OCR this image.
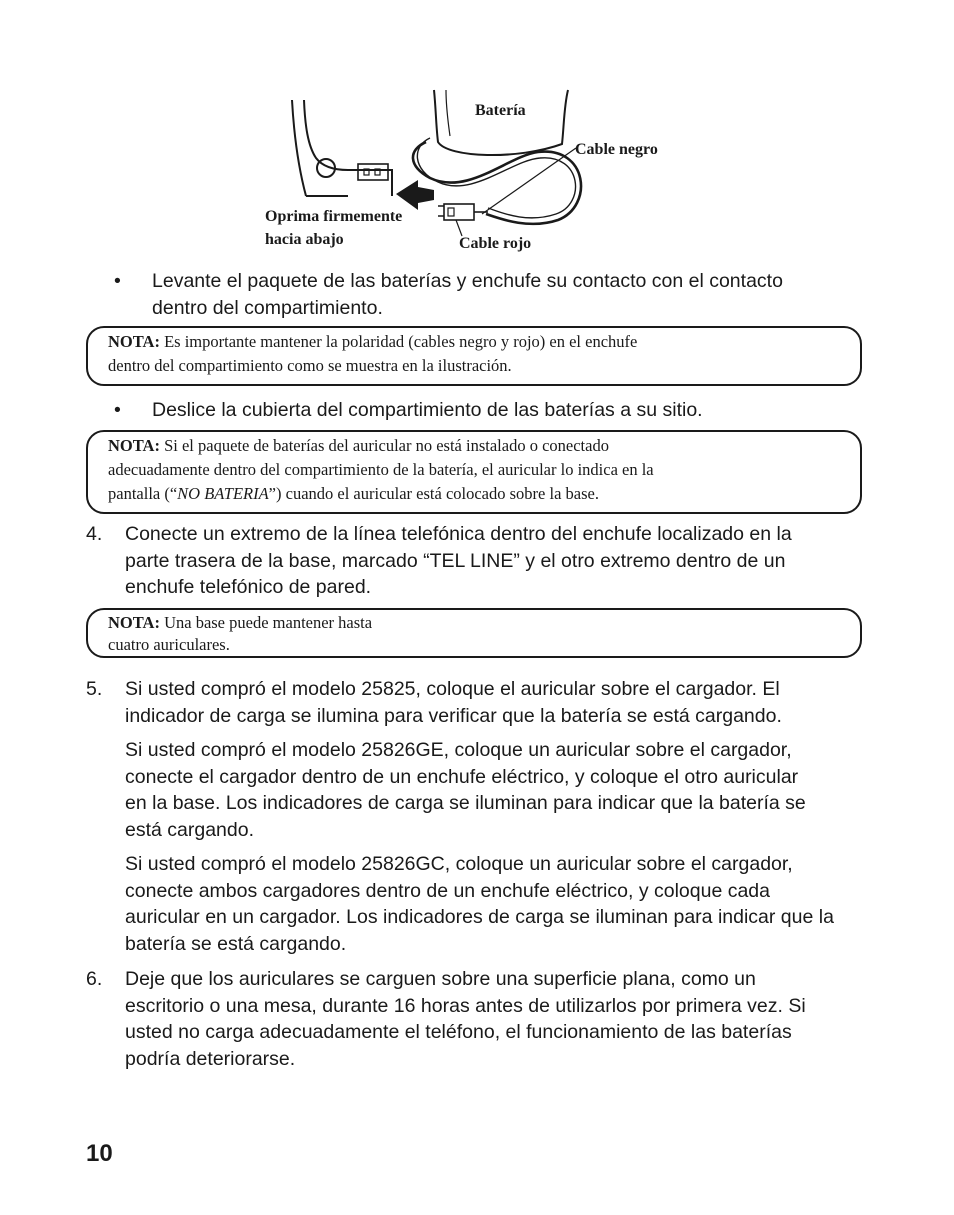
Batería
Cable negro
Oprima firmemente
hacia abajo	Cable rojo
• Levante el paquete de las baterías y enchufe su contacto con el contacto
dentro del compartimiento.
NOTA: Es importante mantener la polaridad (cables negro y rojo) en el enchufe
dentro del compartimiento como se muestra en la ilustración.
• Deslice la cubierta del compartimiento de las baterías a su sitio.
NOTA: Si el paquete de baterías del auricular no está instalado o conectado
adecuadamente dentro del compartimiento de la batería, el auricular lo indica en la
pantalla (“NO BATERIA”) cuando el auricular está colocado sobre la base.
4. Conecte un extremo de la línea telefónica dentro del enchufe localizado en la
parte trasera de la base, marcado “TEL LINE” y el otro extremo dentro de un
enchufe telefónico de pared.
NOTA: Una base puede mantener hasta
cuatro auriculares.
5. Si usted compró el modelo 25825, coloque el auricular sobre el cargador. El
indicador de carga se ilumina para verificar que la batería se está cargando.
Si usted compró el modelo 25826GE, coloque un auricular sobre el cargador,
conecte el cargador dentro de un enchufe eléctrico, y coloque el otro auricular
en la base. Los indicadores de carga se iluminan para indicar que la batería se
está cargando.
Si usted compró el modelo 25826GC, coloque un auricular sobre el cargador,
conecte ambos cargadores dentro de un enchufe eléctrico, y coloque cada
auricular en un cargador. Los indicadores de carga se iluminan para indicar que la
batería se está cargando.
6. Deje que los auriculares se carguen sobre una superficie plana, como un
escritorio o una mesa, durante 16 horas antes de utilizarlos por primera vez. Si
usted no carga adecuadamente el teléfono, el funcionamiento de las baterías
podría deteriorarse.
10
